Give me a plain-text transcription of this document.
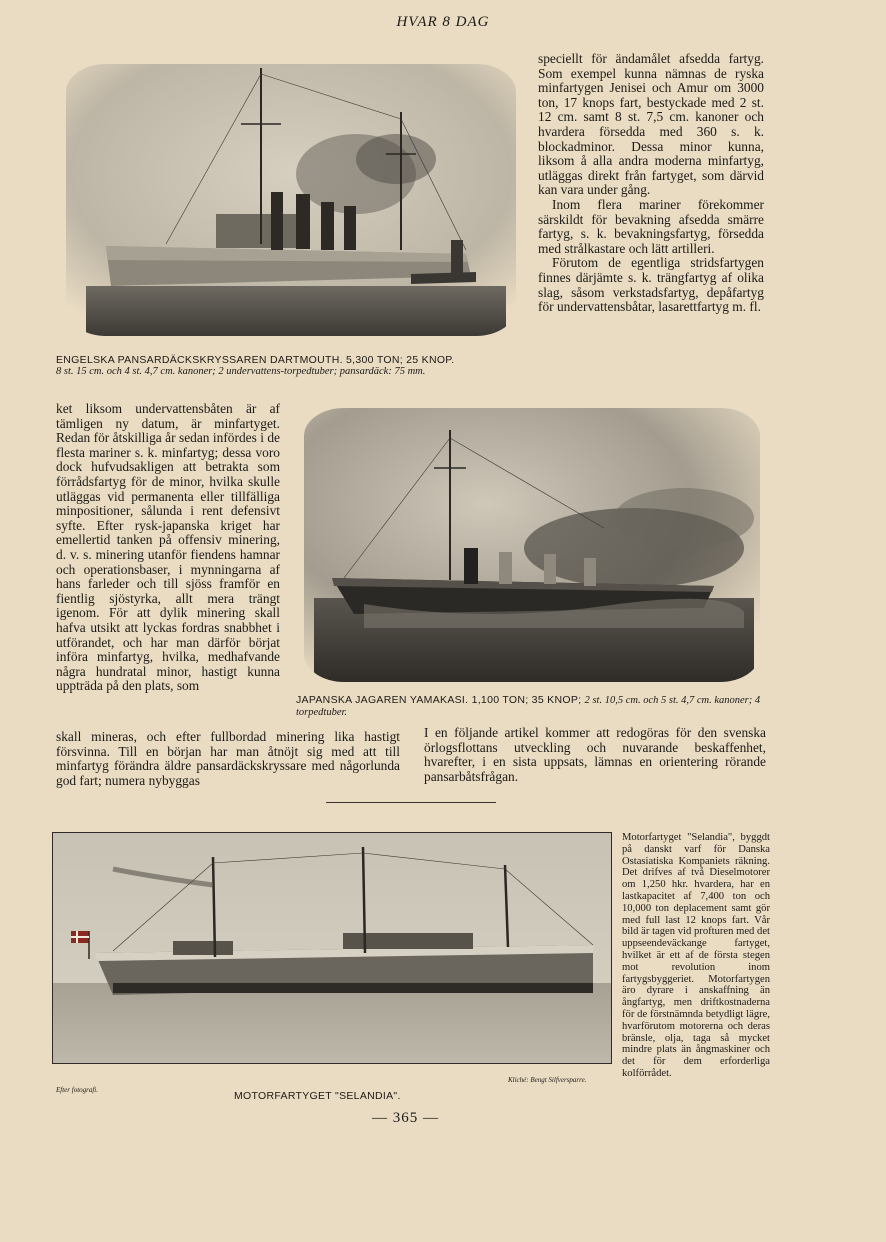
HVAR 8 DAG

speciellt för ändamålet afsedda fartyg. Som exempel kunna nämnas de ryska minfartygen Jenisei och Amur om 3000 ton, 17 knops fart, bestyckade med 2 st. 12 cm. samt 8 st. 7,5 cm. kanoner och hvardera försedda med 360 s. k. blockadminor. Dessa minor kunna, liksom å alla andra moderna minfartyg, utläggas direkt från fartyget, som därvid kan vara under gång.

Inom flera mariner förekommer särskildt för bevakning afsedda smärre fartyg, s. k. bevakningsfartyg, försedda med strålkastare och lätt artilleri.

Förutom de egentliga stridsfartygen finnes därjämte s. k. trängfartyg af olika slag, såsom verkstadsfartyg, depåfartyg för undervattensbåtar, lasarettfartyg m. fl.

ENGELSKA PANSARDÄCKSKRYSSAREN DARTMOUTH. 5,300 TON; 25 KNOP.
8 st. 15 cm. och 4 st. 4,7 cm. kanoner; 2 undervattens-torpedtuber; pansardäck: 75 mm.

ket liksom undervattensbåten är af tämligen ny datum, är minfartyget. Redan för åtskilliga år sedan infördes i de flesta mariner s. k. minfartyg; dessa voro dock hufvudsakligen att betrakta som förrådsfartyg för de minor, hvilka skulle utläggas vid permanenta eller tillfälliga minpositioner, sålunda i rent defensivt syfte. Efter rysk-japanska kriget har emellertid tanken på offensiv minering, d. v. s. minering utanför fiendens hamnar och operationsbaser, i mynningarna af hans farleder och till sjöss framför en fientlig sjöstyrka, allt mera trängt igenom. För att dylik minering skall hafva utsikt att lyckas fordras snabbhet i utförandet, och har man därför börjat införa minfartyg, hvilka, medhafvande några hundratal minor, hastigt kunna uppträda på den plats, som

JAPANSKA JAGAREN YAMAKASI. 1,100 TON; 35 KNOP; 2 st. 10,5 cm. och 5 st. 4,7 cm. kanoner; 4 torpedtuber.

skall mineras, och efter fullbordad minering lika hastigt försvinna. Till en början har man åtnöjt sig med att till minfartyg förändra äldre pansardäckskryssare med någorlunda god fart; numera nybyggas

I en följande artikel kommer att redogöras för den svenska örlogsflottans utveckling och nuvarande beskaffenhet, hvarefter, i en sista uppsats, lämnas en orientering rörande pansarbåtsfrågan.

Motorfartyget "Selandia", byggdt på danskt varf för Danska Ostasiatiska Kompaniets räkning. Det drifves af två Dieselmotorer om 1,250 hkr. hvardera, har en lastkapacitet af 7,400 ton och 10,000 ton deplacement samt gör med full last 12 knops fart. Vår bild är tagen vid profturen med det uppseendeväckange fartyget, hvilket är ett af de första stegen mot revolution inom fartygsbyggeriet. Motorfartygen äro dyrare i anskaffning än ångfartyg, men driftkostnaderna för de förstnämnda betydligt lägre, hvarförutom motorerna och deras bränsle, olja, taga så mycket mindre plats än ångmaskiner och det för dem erforderliga kolförrådet.
Efter fotografi.
Kliché: Bengt Silfversparre.
MOTORFARTYGET "SELANDIA".
— 365 —
